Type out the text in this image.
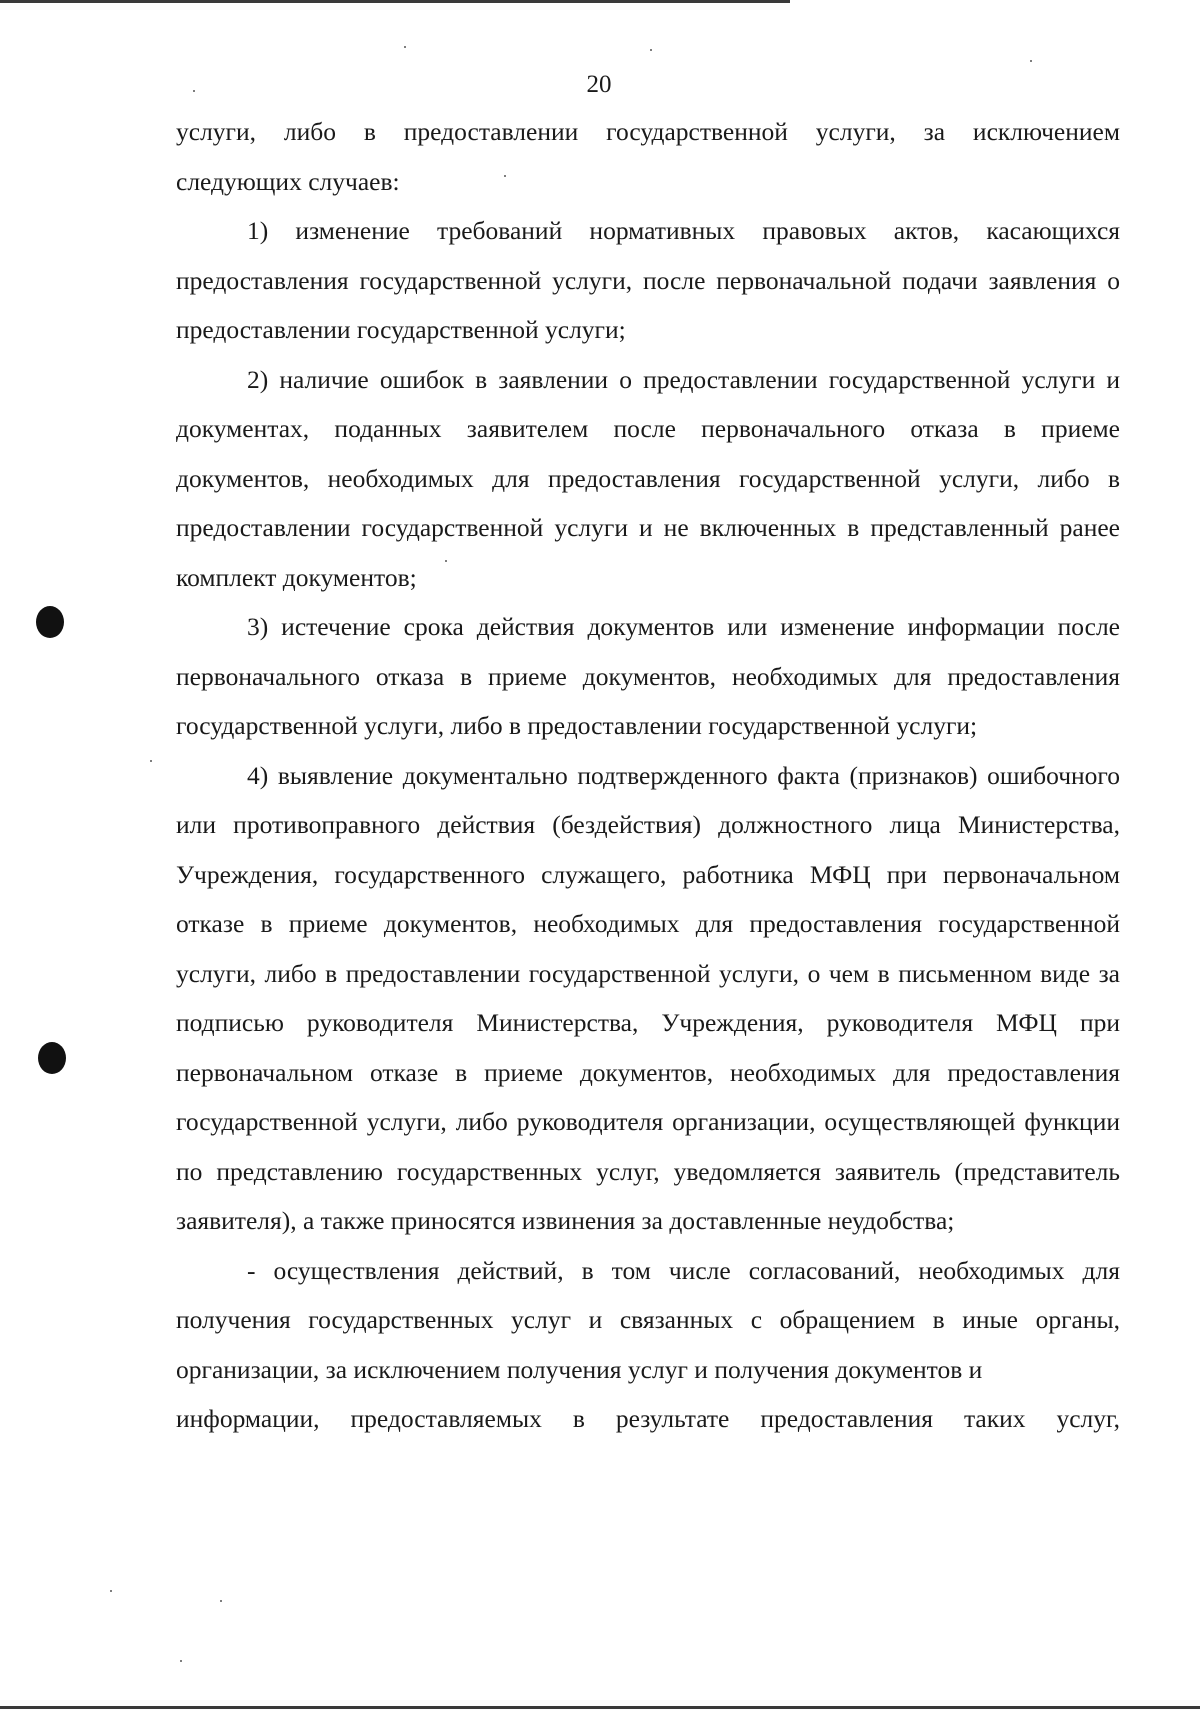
20

услуги, либо в предоставлении государственной услуги, за исключением

следующих случаев:

1) изменение требований нормативных правовых актов, касающихся предоставления государственной услуги, после первоначальной подачи заявления о предоставлении государственной услуги;

2) наличие ошибок в заявлении о предоставлении государственной услуги и документах, поданных заявителем после первоначального отказа в приеме документов, необходимых для предоставления государственной услуги, либо в предоставлении государственной услуги и не включенных в представленный ранее комплект документов;

3) истечение срока действия документов или изменение информации после первоначального отказа в приеме документов, необходимых для предоставления государственной услуги, либо в предоставлении государственной услуги;

4) выявление документально подтвержденного факта (признаков) ошибочного или противоправного действия (бездействия) должностного лица Министерства, Учреждения, государственного служащего, работника МФЦ при первоначальном отказе в приеме документов, необходимых для предоставления государственной услуги, либо в предоставлении государственной услуги, о чем в письменном виде за подписью руководителя Министерства, Учреждения, руководителя МФЦ при первоначальном отказе в приеме документов, необходимых для предоставления государственной услуги, либо руководителя организации, осуществляющей функции по представлению государственных услуг, уведомляется заявитель (представитель заявителя), а также приносятся извинения за доставленные неудобства;

- осуществления действий, в том числе согласований, необходимых для получения государственных услуг и связанных с обращением в иные органы, организации, за исключением получения услуг и получения документов и

информации, предоставляемых в результате предоставления таких услуг,
